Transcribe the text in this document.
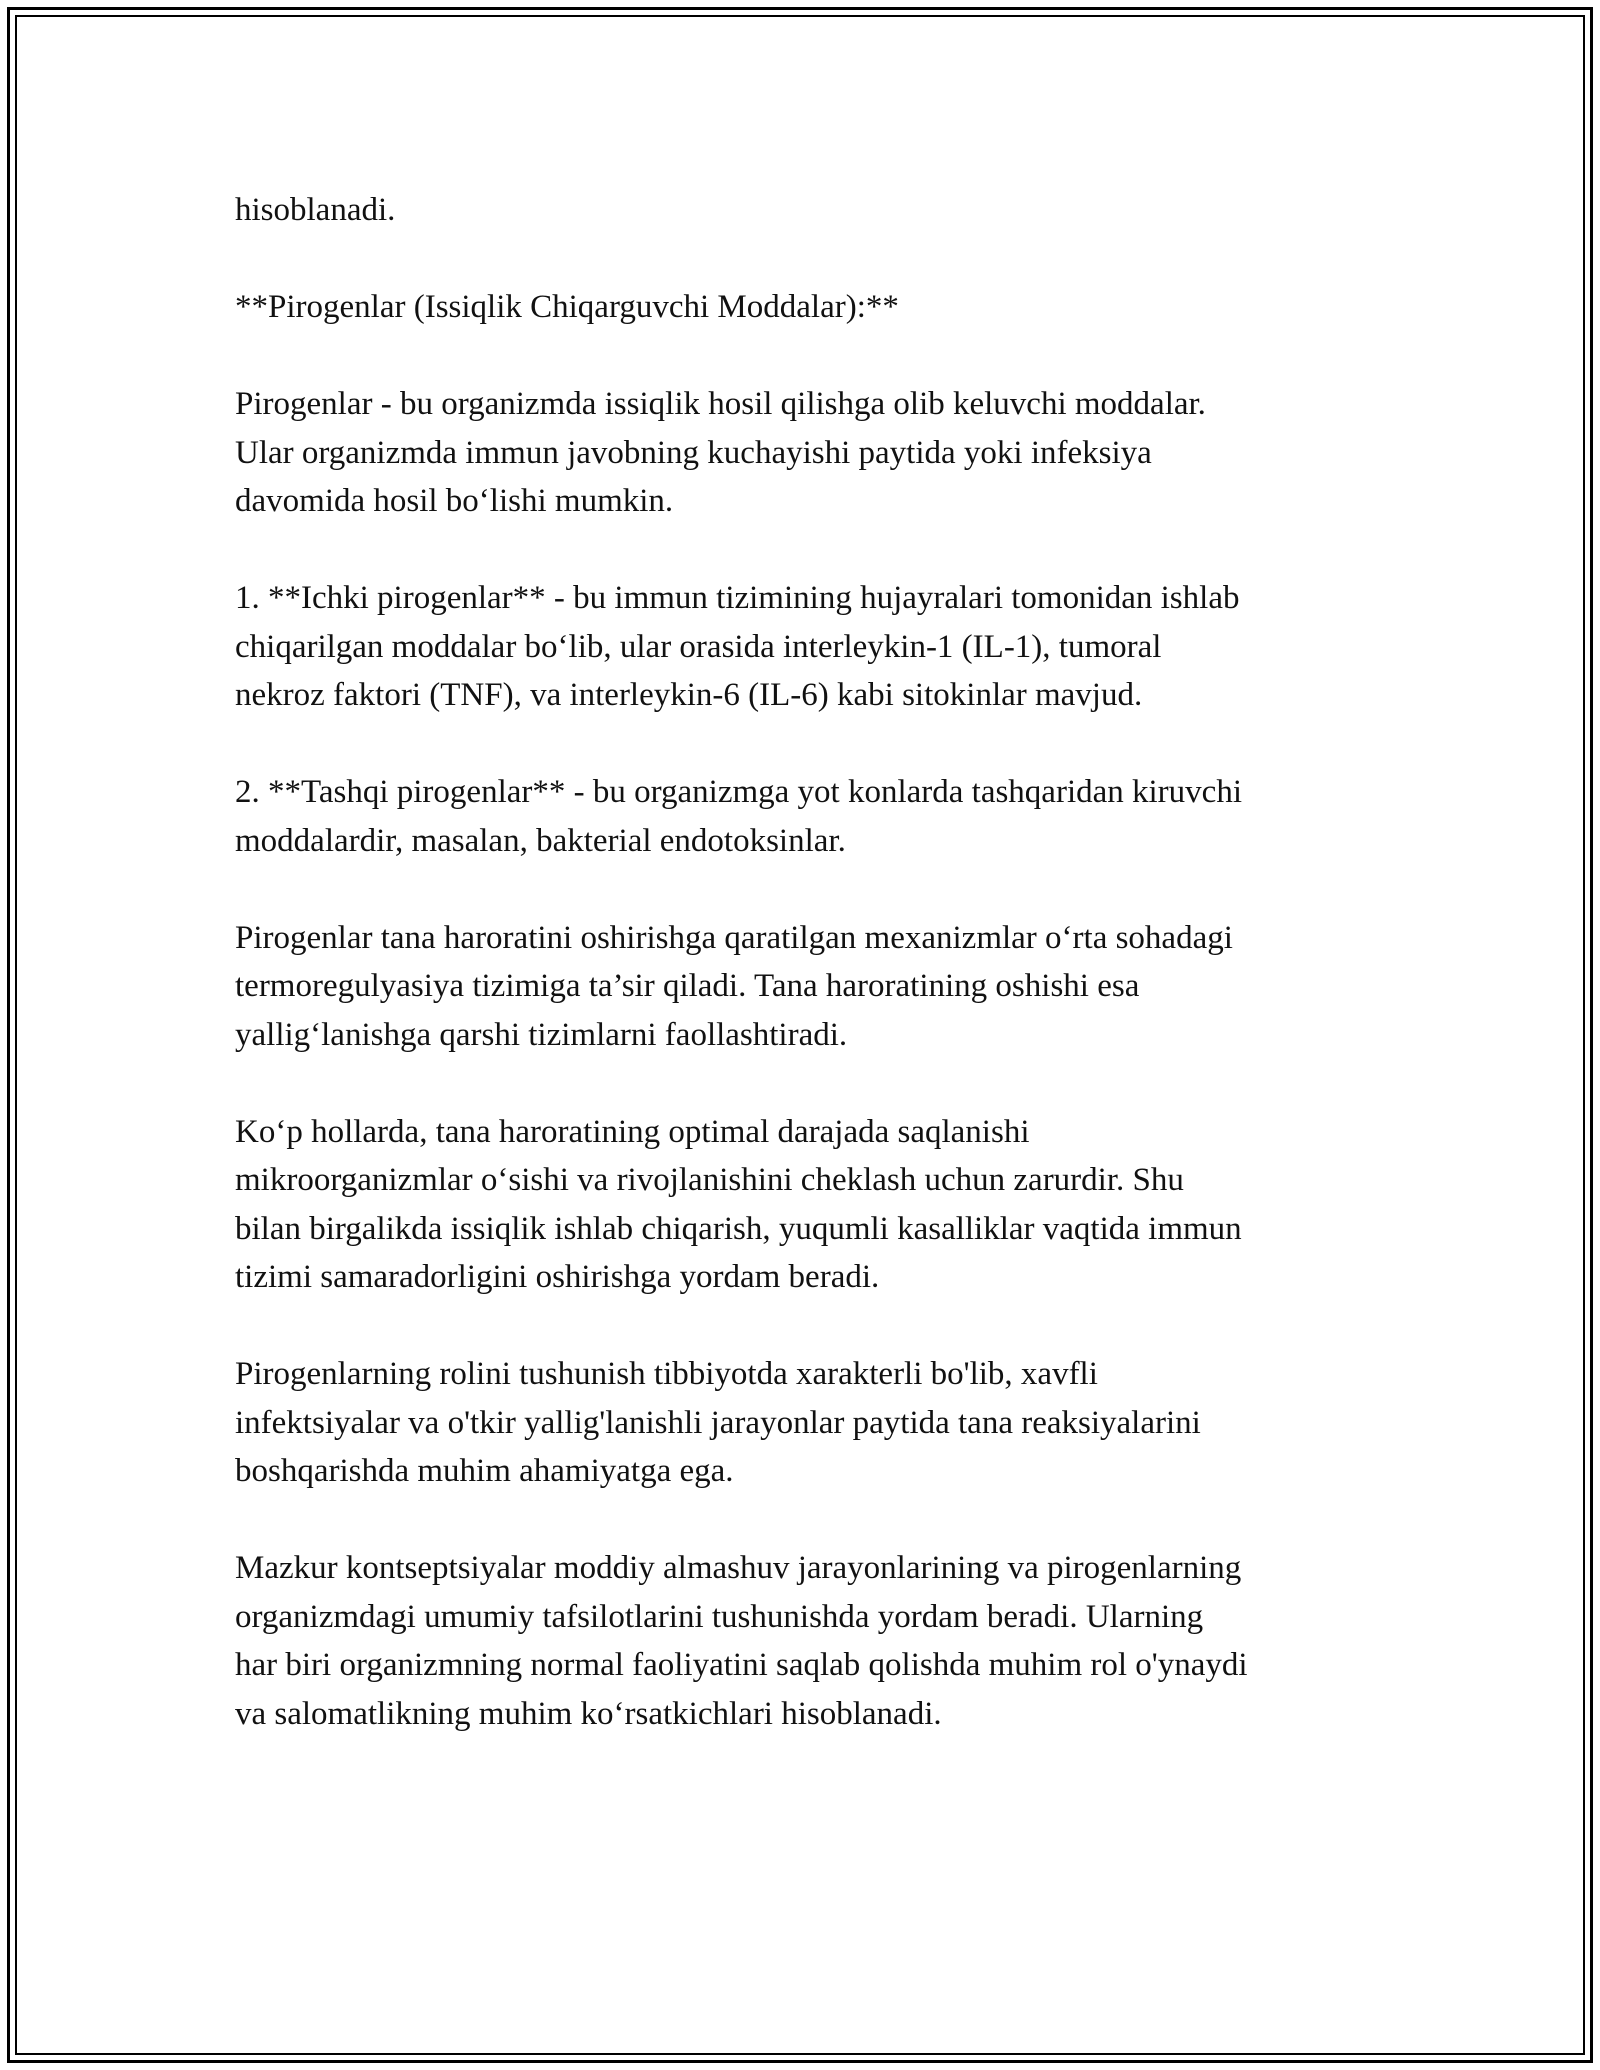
hisoblanadi.

**Pirogenlar (Issiqlik Chiqarguvchi Moddalar):**

Pirogenlar - bu organizmda issiqlik hosil qilishga olib keluvchi moddalar.
Ular organizmda immun javobning kuchayishi paytida yoki infeksiya
davomida hosil bo‘lishi mumkin.

1. **Ichki pirogenlar** - bu immun tizimining hujayralari tomonidan ishlab
chiqarilgan moddalar bo‘lib, ular orasida interleykin-1 (IL-1), tumoral
nekroz faktori (TNF), va interleykin-6 (IL-6) kabi sitokinlar mavjud.

2. **Tashqi pirogenlar** - bu organizmga yot konlarda tashqaridan kiruvchi
moddalardir, masalan, bakterial endotoksinlar.

Pirogenlar tana haroratini oshirishga qaratilgan mexanizmlar o‘rta sohadagi
termoregulyasiya tizimiga ta’sir qiladi. Tana haroratining oshishi esa
yallig‘lanishga qarshi tizimlarni faollashtiradi.

Ko‘p hollarda, tana haroratining optimal darajada saqlanishi
mikroorganizmlar o‘sishi va rivojlanishini cheklash uchun zarurdir. Shu
bilan birgalikda issiqlik ishlab chiqarish, yuqumli kasalliklar vaqtida immun
tizimi samaradorligini oshirishga yordam beradi.

Pirogenlarning rolini tushunish tibbiyotda xarakterli bo'lib, xavfli
infektsiyalar va o'tkir yallig'lanishli jarayonlar paytida tana reaksiyalarini
boshqarishda muhim ahamiyatga ega.

Mazkur kontseptsiyalar moddiy almashuv jarayonlarining va pirogenlarning
organizmdagi umumiy tafsilotlarini tushunishda yordam beradi. Ularning
har biri organizmning normal faoliyatini saqlab qolishda muhim rol o'ynaydi
va salomatlikning muhim ko‘rsatkichlari hisoblanadi.
